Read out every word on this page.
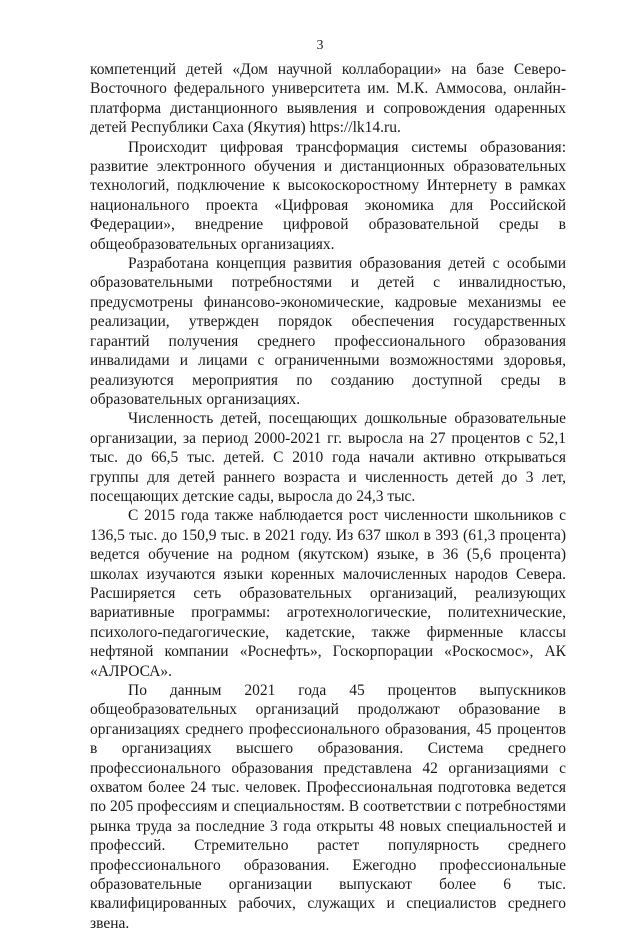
3

компетенций детей «Дом научной коллаборации» на базе Северо-Восточного федерального университета им. М.К. Аммосова, онлайн-платформа дистанционного выявления и сопровождения одаренных детей Республики Саха (Якутия) https://lk14.ru.

Происходит цифровая трансформация системы образования: развитие электронного обучения и дистанционных образовательных технологий, подключение к высокоскоростному Интернету в рамках национального проекта «Цифровая экономика для Российской Федерации», внедрение цифровой образовательной среды в общеобразовательных организациях.

Разработана концепция развития образования детей с особыми образовательными потребностями и детей с инвалидностью, предусмотрены финансово-экономические, кадровые механизмы ее реализации, утвержден порядок обеспечения государственных гарантий получения среднего профессионального образования инвалидами и лицами с ограниченными возможностями здоровья, реализуются мероприятия по созданию доступной среды в образовательных организациях.

Численность детей, посещающих дошкольные образовательные организации, за период 2000-2021 гг. выросла на 27 процентов с 52,1 тыс. до 66,5 тыс. детей. С 2010 года начали активно открываться группы для детей раннего возраста и численность детей до 3 лет, посещающих детские сады, выросла до 24,3 тыс.

С 2015 года также наблюдается рост численности школьников с 136,5 тыс. до 150,9 тыс. в 2021 году. Из 637 школ в 393 (61,3 процента) ведется обучение на родном (якутском) языке, в 36 (5,6 процента) школах изучаются языки коренных малочисленных народов Севера. Расширяется сеть образовательных организаций, реализующих вариативные программы: агротехнологические, политехнические, психолого-педагогические, кадетские, также фирменные классы нефтяной компании «Роснефть», Госкорпорации «Роскосмос», АК «АЛРОСА».

По данным 2021 года 45 процентов выпускников общеобразовательных организаций продолжают образование в организациях среднего профессионального образования, 45 процентов в организациях высшего образования. Система среднего профессионального образования представлена 42 организациями с охватом более 24 тыс. человек. Профессиональная подготовка ведется по 205 профессиям и специальностям. В соответствии с потребностями рынка труда за последние 3 года открыты 48 новых специальностей и профессий. Стремительно растет популярность среднего профессионального образования. Ежегодно профессиональные образовательные организации выпускают более 6 тыс. квалифицированных рабочих, служащих и специалистов среднего звена.
